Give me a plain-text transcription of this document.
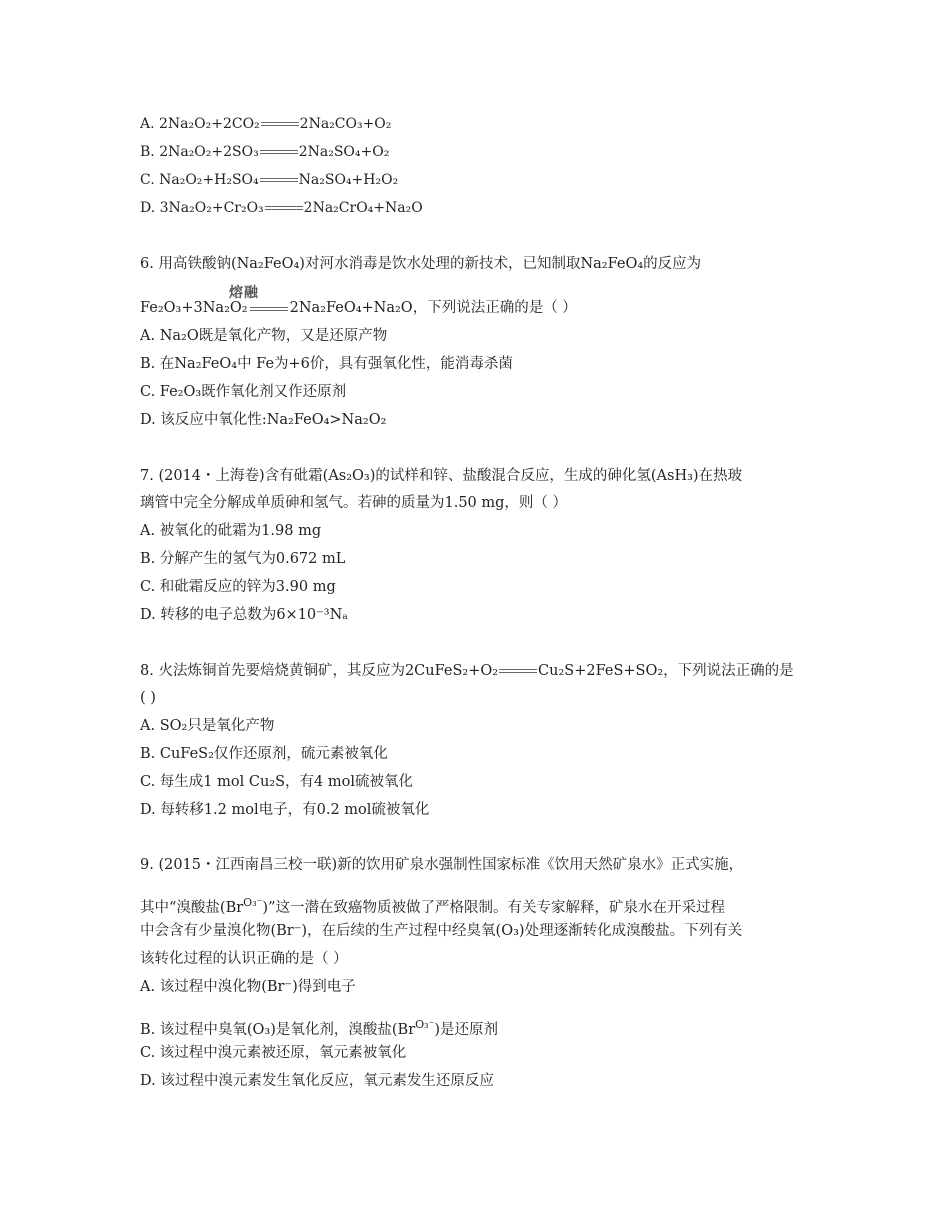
A. 2Na₂O₂+2CO₂	2Na₂CO₃+O₂
B. 2Na₂O₂+2SO₃	2Na₂SO₄+O₂
C. Na₂O₂+H₂SO₄	Na₂SO₄+H₂O₂
D. 3Na₂O₂+Cr₂O₃	2Na₂CrO₄+Na₂O
6. 用高铁酸钠(Na₂FeO₄)对河水消毒是饮水处理的新技术，已知制取Na₂FeO₄的反应为
熔融
Fe₂O₃+3Na₂O₂	2Na₂FeO₄+Na₂O，下列说法正确的是（ ）
A. Na₂O既是氧化产物，又是还原产物
B. 在Na₂FeO₄中 Fe为+6价，具有强氧化性，能消毒杀菌
C. Fe₂O₃既作氧化剂又作还原剂
D. 该反应中氧化性:Na₂FeO₄>Na₂O₂
7. (2014・上海卷)含有砒霜(As₂O₃)的试样和锌、盐酸混合反应，生成的砷化氢(AsH₃)在热玻
璃管中完全分解成单质砷和氢气。若砷的质量为1.50 mg，则（ ）
A. 被氧化的砒霜为1.98 mg
B. 分解产生的氢气为0.672 mL
C. 和砒霜反应的锌为3.90 mg
D. 转移的电子总数为6×10⁻³Nₐ
8. 火法炼铜首先要焙烧黄铜矿，其反应为2CuFeS₂+O₂	Cu₂S+2FeS+SO₂，下列说法正确的是
( )
A. SO₂只是氧化产物
B. CuFeS₂仅作还原剂，硫元素被氧化
C. 每生成1 mol Cu₂S，有4 mol硫被氧化
D. 每转移1.2 mol电子，有0.2 mol硫被氧化
9. (2015・江西南昌三校一联)新的饮用矿泉水强制性国家标准《饮用天然矿泉水》正式实施，
其中“溴酸盐$(Br^{O_3^-})$”这一潜在致癌物质被做了严格限制。有关专家解释，矿泉水在开采过程
中会含有少量溴化物(Br⁻)，在后续的生产过程中经臭氧(O₃)处理逐渐转化成溴酸盐。下列有关
该转化过程的认识正确的是（ ）
A. 该过程中溴化物(Br⁻)得到电子
B. 该过程中臭氧(O₃)是氧化剂，溴酸盐$(Br^{O_3^-})$是还原剂
C. 该过程中溴元素被还原，氧元素被氧化
D. 该过程中溴元素发生氧化反应，氧元素发生还原反应
